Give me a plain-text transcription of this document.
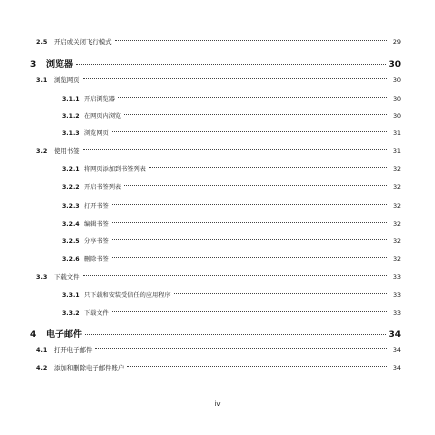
2.5	开启或关闭飞行模式	29
3	浏览器	30
3.1	浏览网页	30
3.1.1 开启浏览器	30
3.1.2 在网页内浏览	30
3.1.3 浏览网页	31
3.2	使用书签	31
3.2.1 将网页添加到书签列表	32
3.2.2 开启书签列表	32
3.2.3 打开书签	32
3.2.4 编辑书签	32
3.2.5 分享书签	32
3.2.6 删除书签	32
3.3	下载文件	33
3.3.1 只下载和安装受信任的应用程序	33
3.3.2 下载文件	33
4	电子邮件	34
4.1	打开电子邮件	34
4.2	添加和删除电子邮件账户	34
iv
